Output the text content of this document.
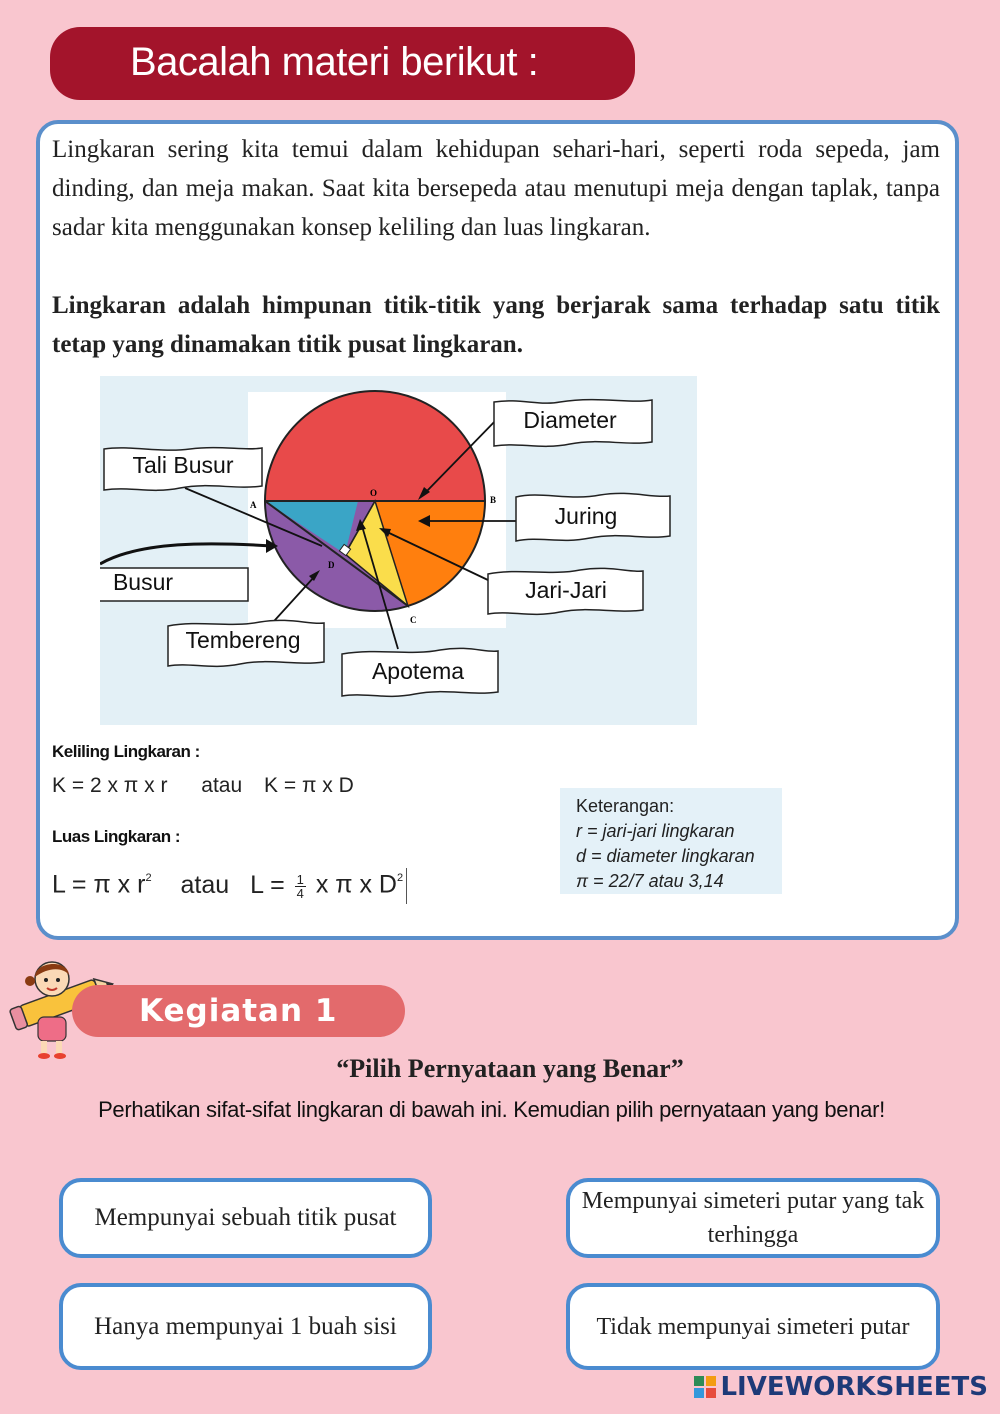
Bacalah materi berikut :

Lingkaran sering kita temui dalam kehidupan sehari-hari, seperti roda sepeda, jam dinding, dan meja makan. Saat kita bersepeda atau menutupi meja dengan taplak, tanpa sadar kita menggunakan konsep keliling dan luas lingkaran.

Lingkaran adalah himpunan titik-titik yang berjarak sama terhadap satu titik tetap yang dinamakan titik pusat lingkaran.

A
O
B
C
D
Diameter
Tali Busur
Juring
Busur	Jari-Jari
Tembereng
Apotema
Keliling Lingkaran :
K = 2 x π x r atau K = π x D
Luas Lingkaran :
L = π x $r^2$ atau $L = \frac{1}{4}$ x π x $D^2$
Keterangan:
r = jari-jari lingkaran
d = diameter lingkaran
π = 22/7 atau 3,14
Kegiatan 1
“Pilih Pernyataan yang Benar”
Perhatikan sifat-sifat lingkaran di bawah ini. Kemudian pilih pernyataan yang benar!
Mempunyai sebuah titik pusat
Mempunyai simeteri putar yang tak terhingga
Hanya mempunyai 1 buah sisi	Tidak mempunyai simeteri putar
LIVEWORKSHEETS
